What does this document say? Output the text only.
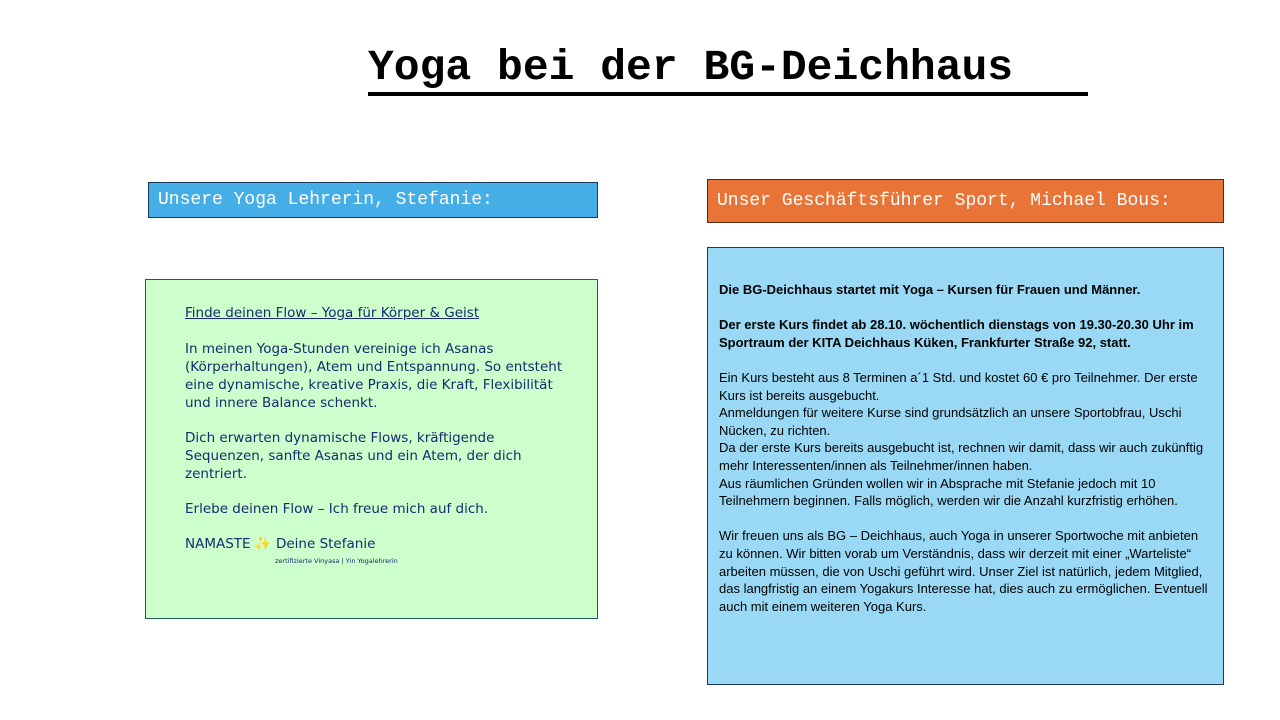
Yoga bei der BG-Deichhaus
Unsere Yoga Lehrerin, Stefanie:	Unser Geschäftsführer Sport, Michael Bous:

Finde deinen Flow – Yoga für Körper & Geist

In meinen Yoga-Stunden vereinige ich Asanas (Körperhaltungen), Atem und Entspannung. So entsteht eine dynamische, kreative Praxis, die Kraft, Flexibilität und innere Balance schenkt.

Dich erwarten dynamische Flows, kräftigende Sequenzen, sanfte Asanas und ein Atem, der dich zentriert.

Erlebe deinen Flow – Ich freue mich auf dich.

NAMASTE ✨ Deine Stefanie

zertifizierte Vinyasa | Yin Yogalehrerin

Die BG-Deichhaus startet mit Yoga – Kursen für Frauen und Männer.

Der erste Kurs findet ab 28.10. wöchentlich dienstags von 19.30-20.30 Uhr im Sportraum der KITA Deichhaus Küken, Frankfurter Straße 92, statt.

Ein Kurs besteht aus 8 Terminen a´1 Std. und kostet 60 € pro Teilnehmer. Der erste Kurs ist bereits ausgebucht.
Anmeldungen für weitere Kurse sind grundsätzlich an unsere Sportobfrau, Uschi Nücken, zu richten.
Da der erste Kurs bereits ausgebucht ist, rechnen wir damit, dass wir auch zukünftig mehr Interessenten/innen als Teilnehmer/innen haben.
Aus räumlichen Gründen wollen wir in Absprache mit Stefanie jedoch mit 10 Teilnehmern beginnen. Falls möglich, werden wir die Anzahl kurzfristig erhöhen.

Wir freuen uns als BG – Deichhaus, auch Yoga in unserer Sportwoche mit anbieten zu können. Wir bitten vorab um Verständnis, dass wir derzeit mit einer „Warteliste“ arbeiten müssen, die von Uschi geführt wird. Unser Ziel ist natürlich, jedem Mitglied, das langfristig an einem Yogakurs Interesse hat, dies auch zu ermöglichen. Eventuell auch mit einem weiteren Yoga Kurs.
